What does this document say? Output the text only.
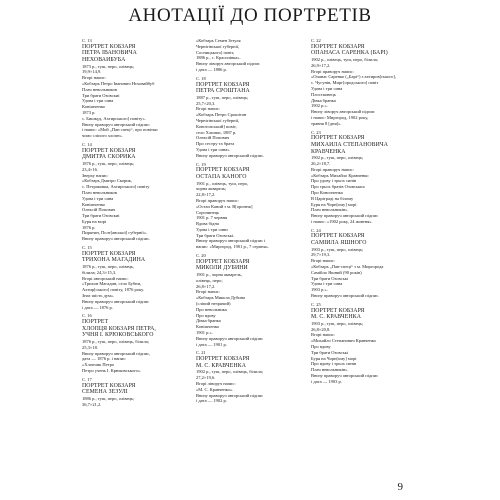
АНОТАЦІЇ ДО ПОРТРЕТІВ
С. 13
ПОРТРЕТ КОБЗАРЯ
ПЕТРА ІВАНОВИЧА
НЕХОВАЙБУБА
1873 р., туш, перо, олівець;
19,9×14,9.
Вгорі напис:
«Кобзарь Петро Іванович Нєховайбуб
Плач невольников
Три брати Озовскиі
Удова і три сина
Конішченко
1873 р.
с. Бишкуд, Ахтирського] повіту».
Внизу праворуч авторський підпис:
і напис: «Мой „Пан спеці“, про повітки
чомо сліпого хлопн».
С. 14
ПОРТРЕТ КОБЗАРЯ
ДМИТРА СКОРИКА
1876 р., туш, перо, олівець;
23,4×16.
Зверху напис:
«Кобзарь Дмитро Скорик,
с. Петраковка, Ахтирського] повіту
Плач невольников
Удова і три сина
Конішченко
Олексій Попович
Три брати Озовскиі
Буря на морі
1876 р.
Пирятин, Полт[авської] губернії».
Внизу праворуч авторський підпис.
С. 15
ПОРТРЕТ КОБЗАРЯ
ТРИХОНА МАГАДИНА
1876 р., туш, перо, олівець,
білила; 24,3×15,3.
Вгорі авторський напис:
«Трихон Магадин, село Бубни,
Ахтир[ського] повіту, 1876 року.
Знає шість дум».
Внизу праворуч авторський підпис
і дата — 1876 р.
С. 16
ПОРТРЕТ
ХЛОПЦЯ КОБЗАРЯ ПЕТРА,
УЧНЯ І. КРЮКОВСЬКОГО
1876 р., туш, перо, олівець, білила;
25,3×18.
Внизу праворуч авторський підпис,
дата — 1876 р. і напис:
«Хлопчик Петро
Петро учень І. Крюковського».
С. 17
ПОРТРЕТ КОБЗАРЯ
СЕМЕНА ЗЕЗУЛІ
1886 р., туш, перо, олівець;
36,7×21,2.
«Кобзарь Семен Зезуля
Чернігівської губернії,
Сосницького] повіт,
1886 р., с. Красилівка».
Внизу ліворуч авторський підпис
і дата — 1886 р.
С. 18
ПОРТРЕТ КОБЗАРЯ
ПЕТРА СРОШТАНА
1887 р., туш, перо, олівець;
25,7×20,3.
Вгорі напис:
«Кобзарь Петро Срошітан
Чернігівської губернії,
Конотопський] повіт,
село Хлипки, 1887 р.
Олексій Попович
Про сестру та брата
Удова і три сина».
Внизу праворуч авторський підпис.
С. 19
ПОРТРЕТ КОБЗАРЯ
ОСТАПА КАНОГО
1901 р., олівець, туш, перо,
чорна акварель;
22,8×17,2.
Вгорі праворуч напис:
«Остап Каний з м. В[оронеж]
Сорочинець
1901 р. 7 червня
Вдова бідна
Удова і три сини
Три брати Озовські.
Внизу праворуч авторський підпис і
напис: «Миргород, 1901 р., 7 серпня».
С. 20
ПОРТРЕТ КОБЗАРЯ
МИКОЛИ ДУБИНИ
1901 р., чорна акварель,
олівець, перо;
26,8×17,2.
Вгорі напис:
«Кобзарь Микола Дубина
(сліпий незрячий)
Про невольника
Про вдову
Дівка бранка
Конішченко
1901 р.».
Внизу праворуч авторський підпис
і дата — 1901 р.
С. 21
ПОРТРЕТ КОБЗАРЯ
М. С. КРАВЧЕНКА
1902 р., туш, перо, олівець, білила;
27,2×19,6.
Вгорі ліворуч напис:
«М. С. Кравченко».
Внизу праворуч авторський підпис
і дата — 1902 р.
С. 22
ПОРТРЕТ КОБЗАРЯ
ОПАНАСА САРЕНКА (БАРІ)
1902 р., олівець, туш, перо, білила;
26,9×17,2.
Вгорі праворуч напис:
«Опанас Саренко („Барі“) з ахтиров[ського],
с. Чугунів, Мирг[ородського] повіт
Удова і три сина
Плостконець
Дівка бранка
1902 р.».
Внизу ліворуч авторський підпис
і напис: Миргород, 1902 року,
травня 8 [дня]».
С. 23
ПОРТРЕТ КОБЗАРЯ
МИХАЙЛА СТЕПАНОВИЧА
КРАВЧЕНКА
1902 р., туш, перо, олівець;
26,2×18,7.
Вгорі праворуч напис:
«Кобзарь Михайло Кравченко
Про удову і трьох синів
Про трьох братів Озовських
Про Конопченка
В Царіграді на білому
Буря на Чорн[ому] морі
Плач невольників».
Внизу праворуч авторський підпис
і напис: «1902 року, 24 жовтня».
С. 24
ПОРТРЕТ КОБЗАРЯ
САМІЙЛА ЯШНОГО
1903 р., туш, перо, олівець;
29,7×19,3.
Вгорі напис:
«Кобзарь „Пан-спеці“ з м. Миргорода
Самійло Яшний (90 років)
Три брати Озовські
Удова і три сина
1903 р.».
Внизу праворуч авторський підпис.
С. 25
ПОРТРЕТ КОБЗАРЯ
М. С. КРАВЧЕНКА
1903 р., туш, перо, олівець;
26,8×20,8.
Вгорі напис:
«Михайло Степанович Кравченко
Про вдову
Три брати Озовські
Буря на Чорн[ому] морі
Про вдову і трьох синів
Плач невольників».
Внизу праворуч авторський підпис
і дата — 1903 р.
9
